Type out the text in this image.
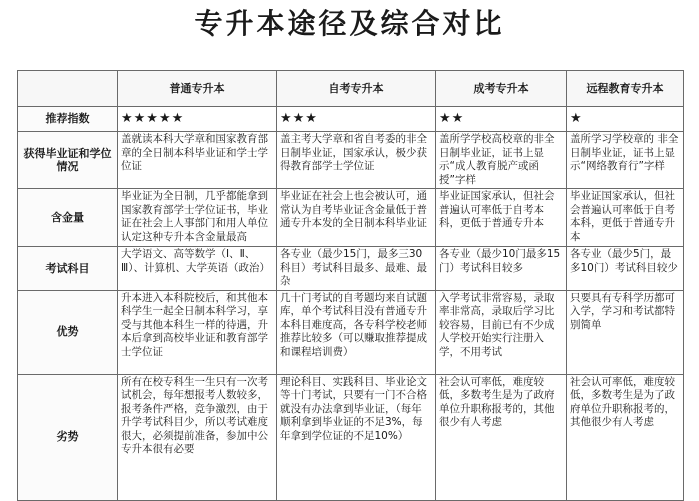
专升本途径及综合对比
	普通专升本	自考专升本	成考专升本	远程教育专升本
推荐指数	★★★★★	★★★	★★	★
获得毕业证和学位情况	盖就读本科大学章和国家教育部章的全日制本科毕业证和学士学位证	盖主考大学章和省自考委的非全日制毕业证，国家承认，极少获得教育部学士学位证	盖所学学校高校章的非全日制毕业证，证书上显示“成人教育脱产或函授”字样	盖所学习学校章的 非全日制毕业证，证书上显示“网络教育行”字样
含金量	毕业证为全日制，几乎都能拿到国家教育部学士学位证书，毕业证在社会上人事部门和用人单位认定这种专升本含金量最高	毕业证在社会上也会被认可，通常认为自考毕业证含金量低于普通专升本发的全日制本科毕业证	毕业证国家承认，但社会普遍认可率低于自考本科，更低于普通专升本	毕业证国家承认，但社会普遍认可率低于自考本科，更低于普通专升本
考试科目	大学语文、高等数学（Ⅰ、Ⅱ、Ⅲ）、计算机、大学英语（政治）	各专业（最少15门，最多三30科目）考试科目最多、最难、最杂	各专业（最少10门最多15门）考试科目较多	各专业（最少5门，最多10门）考试科目较少
优势	升本进入本科院校后，和其他本科学生一起全日制本科学习，享受与其他本科生一样的待遇，升本后拿到高校毕业证和教育部学士学位证	几十门考试的自考题均来自试题库，单个考试科目没有普通专升本科目难度高，各专科学校老师推荐比较多（可以赚取推荐提成和课程培训费）	入学考试非常容易，录取率非常高，录取后学习比较容易，目前已有不少成人学校开始实行注册入学，不用考试	只要具有专科学历都可入学，学习和考试都特别简单
劣势	所有在校专科生一生只有一次考试机会，每年想报考人数较多，报考条件严格，竞争激烈，由于升学考试科目少，所以考试难度很大，必须提前准备，参加中公专升本很有必要	理论科目、实践科目、毕业论文等十门考试，只要有一门不合格就没有办法拿到毕业证，（每年顺利拿到毕业证的不足3%，每年拿到学位证的不足10%）	社会认可率低，难度较低，多数考生是为了政府单位升职称报考的，其他很少有人考虑	社会认可率低，难度较低，多数考生是为了政府单位升职称报考的，其他很少有人考虑
